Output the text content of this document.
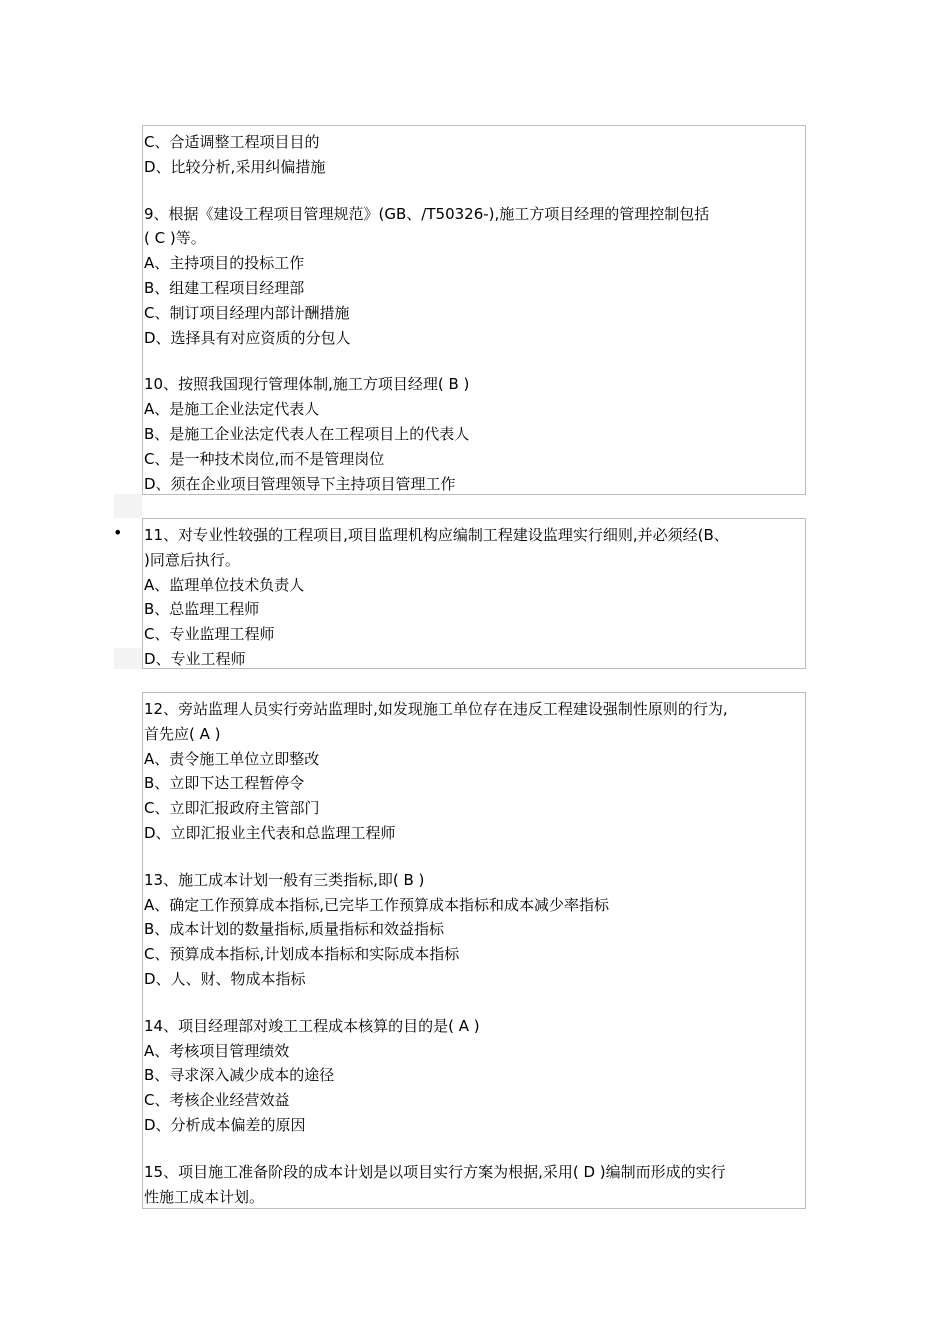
C、合适调整工程项目目的
D、比较分析,采用纠偏措施
9、根据《建设工程项目管理规范》(GB、/T50326-),施工方项目经理的管理控制包括
( C )等。
A、主持项目的投标工作
B、组建工程项目经理部
C、制订项目经理内部计酬措施
D、选择具有对应资质的分包人
10、按照我国现行管理体制,施工方项目经理( B )
A、是施工企业法定代表人
B、是施工企业法定代表人在工程项目上的代表人
C、是一种技术岗位,而不是管理岗位
D、须在企业项目管理领导下主持项目管理工作
• 11、对专业性较强的工程项目,项目监理机构应编制工程建设监理实行细则,并必须经(B、
)同意后执行。
A、监理单位技术负责人
B、总监理工程师
C、专业监理工程师
D、专业工程师
12、旁站监理人员实行旁站监理时,如发现施工单位存在违反工程建设强制性原则的行为,
首先应( A )
A、责令施工单位立即整改
B、立即下达工程暂停令
C、立即汇报政府主管部门
D、立即汇报业主代表和总监理工程师
13、施工成本计划一般有三类指标,即( B )
A、确定工作预算成本指标,已完毕工作预算成本指标和成本减少率指标
B、成本计划的数量指标,质量指标和效益指标
C、预算成本指标,计划成本指标和实际成本指标
D、人、财、物成本指标
14、项目经理部对竣工工程成本核算的目的是( A )
A、考核项目管理绩效
B、寻求深入减少成本的途径
C、考核企业经营效益
D、分析成本偏差的原因
15、项目施工准备阶段的成本计划是以项目实行方案为根据,采用( D )编制而形成的实行
性施工成本计划。
